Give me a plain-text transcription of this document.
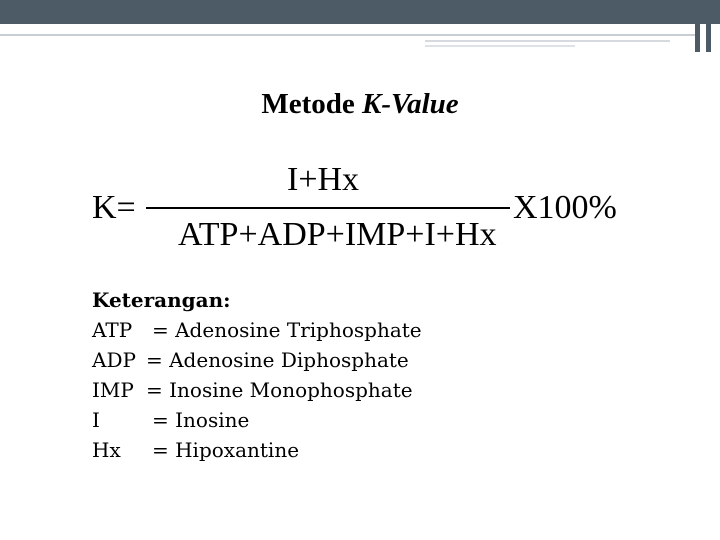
Metode K-Value
K=
I+Hx
ATP+ADP+IMP+I+Hx
X100%
Keterangan:
ATP = Adenosine Triphosphate
ADP = Adenosine Diphosphate
IMP = Inosine Monophosphate
I	= Inosine
Hx = Hipoxantine
